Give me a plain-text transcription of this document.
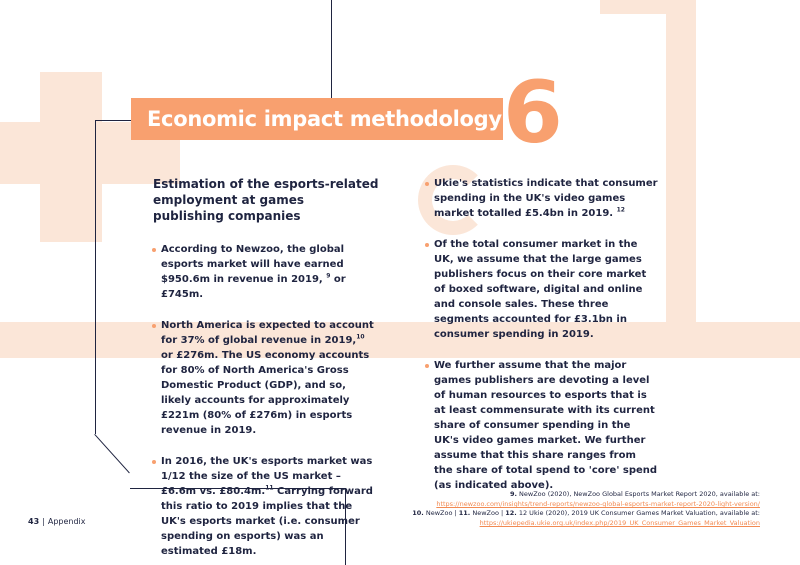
Economic impact methodology 6
Estimation of the esports-related employment at games publishing companies
According to Newzoo, the global esports market will have earned $950.6m in revenue in 2019, $^9$ or £745m.
North America is expected to account for 37% of global revenue in 2019,10 or £276m. The US economy accounts for 80% of North America's Gross Domestic Product (GDP), and so, likely accounts for approximately £221m (80% of £276m) in esports revenue in 2019.
In 2016, the UK's esports market was 1/12 the size of the US market – £6.6m vs. £80.4m.$^{11}$ Carrying forward this ratio to 2019 implies that the UK's esports market (i.e. consumer spending on esports) was an estimated £18m.
Ukie's statistics indicate that consumer spending in the UK's video games market totalled £5.4bn in 2019. $^{12}$
Of the total consumer market in the UK, we assume that the large games publishers focus on their core market of boxed software, digital and online and console sales. These three segments accounted for £3.1bn in consumer spending in 2019.
We further assume that the major games publishers are devoting a level of human resources to esports that is at least commensurate with its current share of consumer spending in the UK's video games market. We further assume that this share ranges from the share of total spend to 'core' spend (as indicated above).
9. NewZoo (2020), NewZoo Global Esports Market Report 2020, available at:
https://newzoo.com/insights/trend-reports/newzoo-global-esports-market-report-2020-light-version/
10. NewZoo | 11. NewZoo | 12. 12 Ukie (2020), 2019 UK Consumer Games Market Valuation, available at:
https://ukiepedia.ukie.org.uk/index.php/2019_UK_Consumer_Games_Market_Valuation
43 | Appendix
